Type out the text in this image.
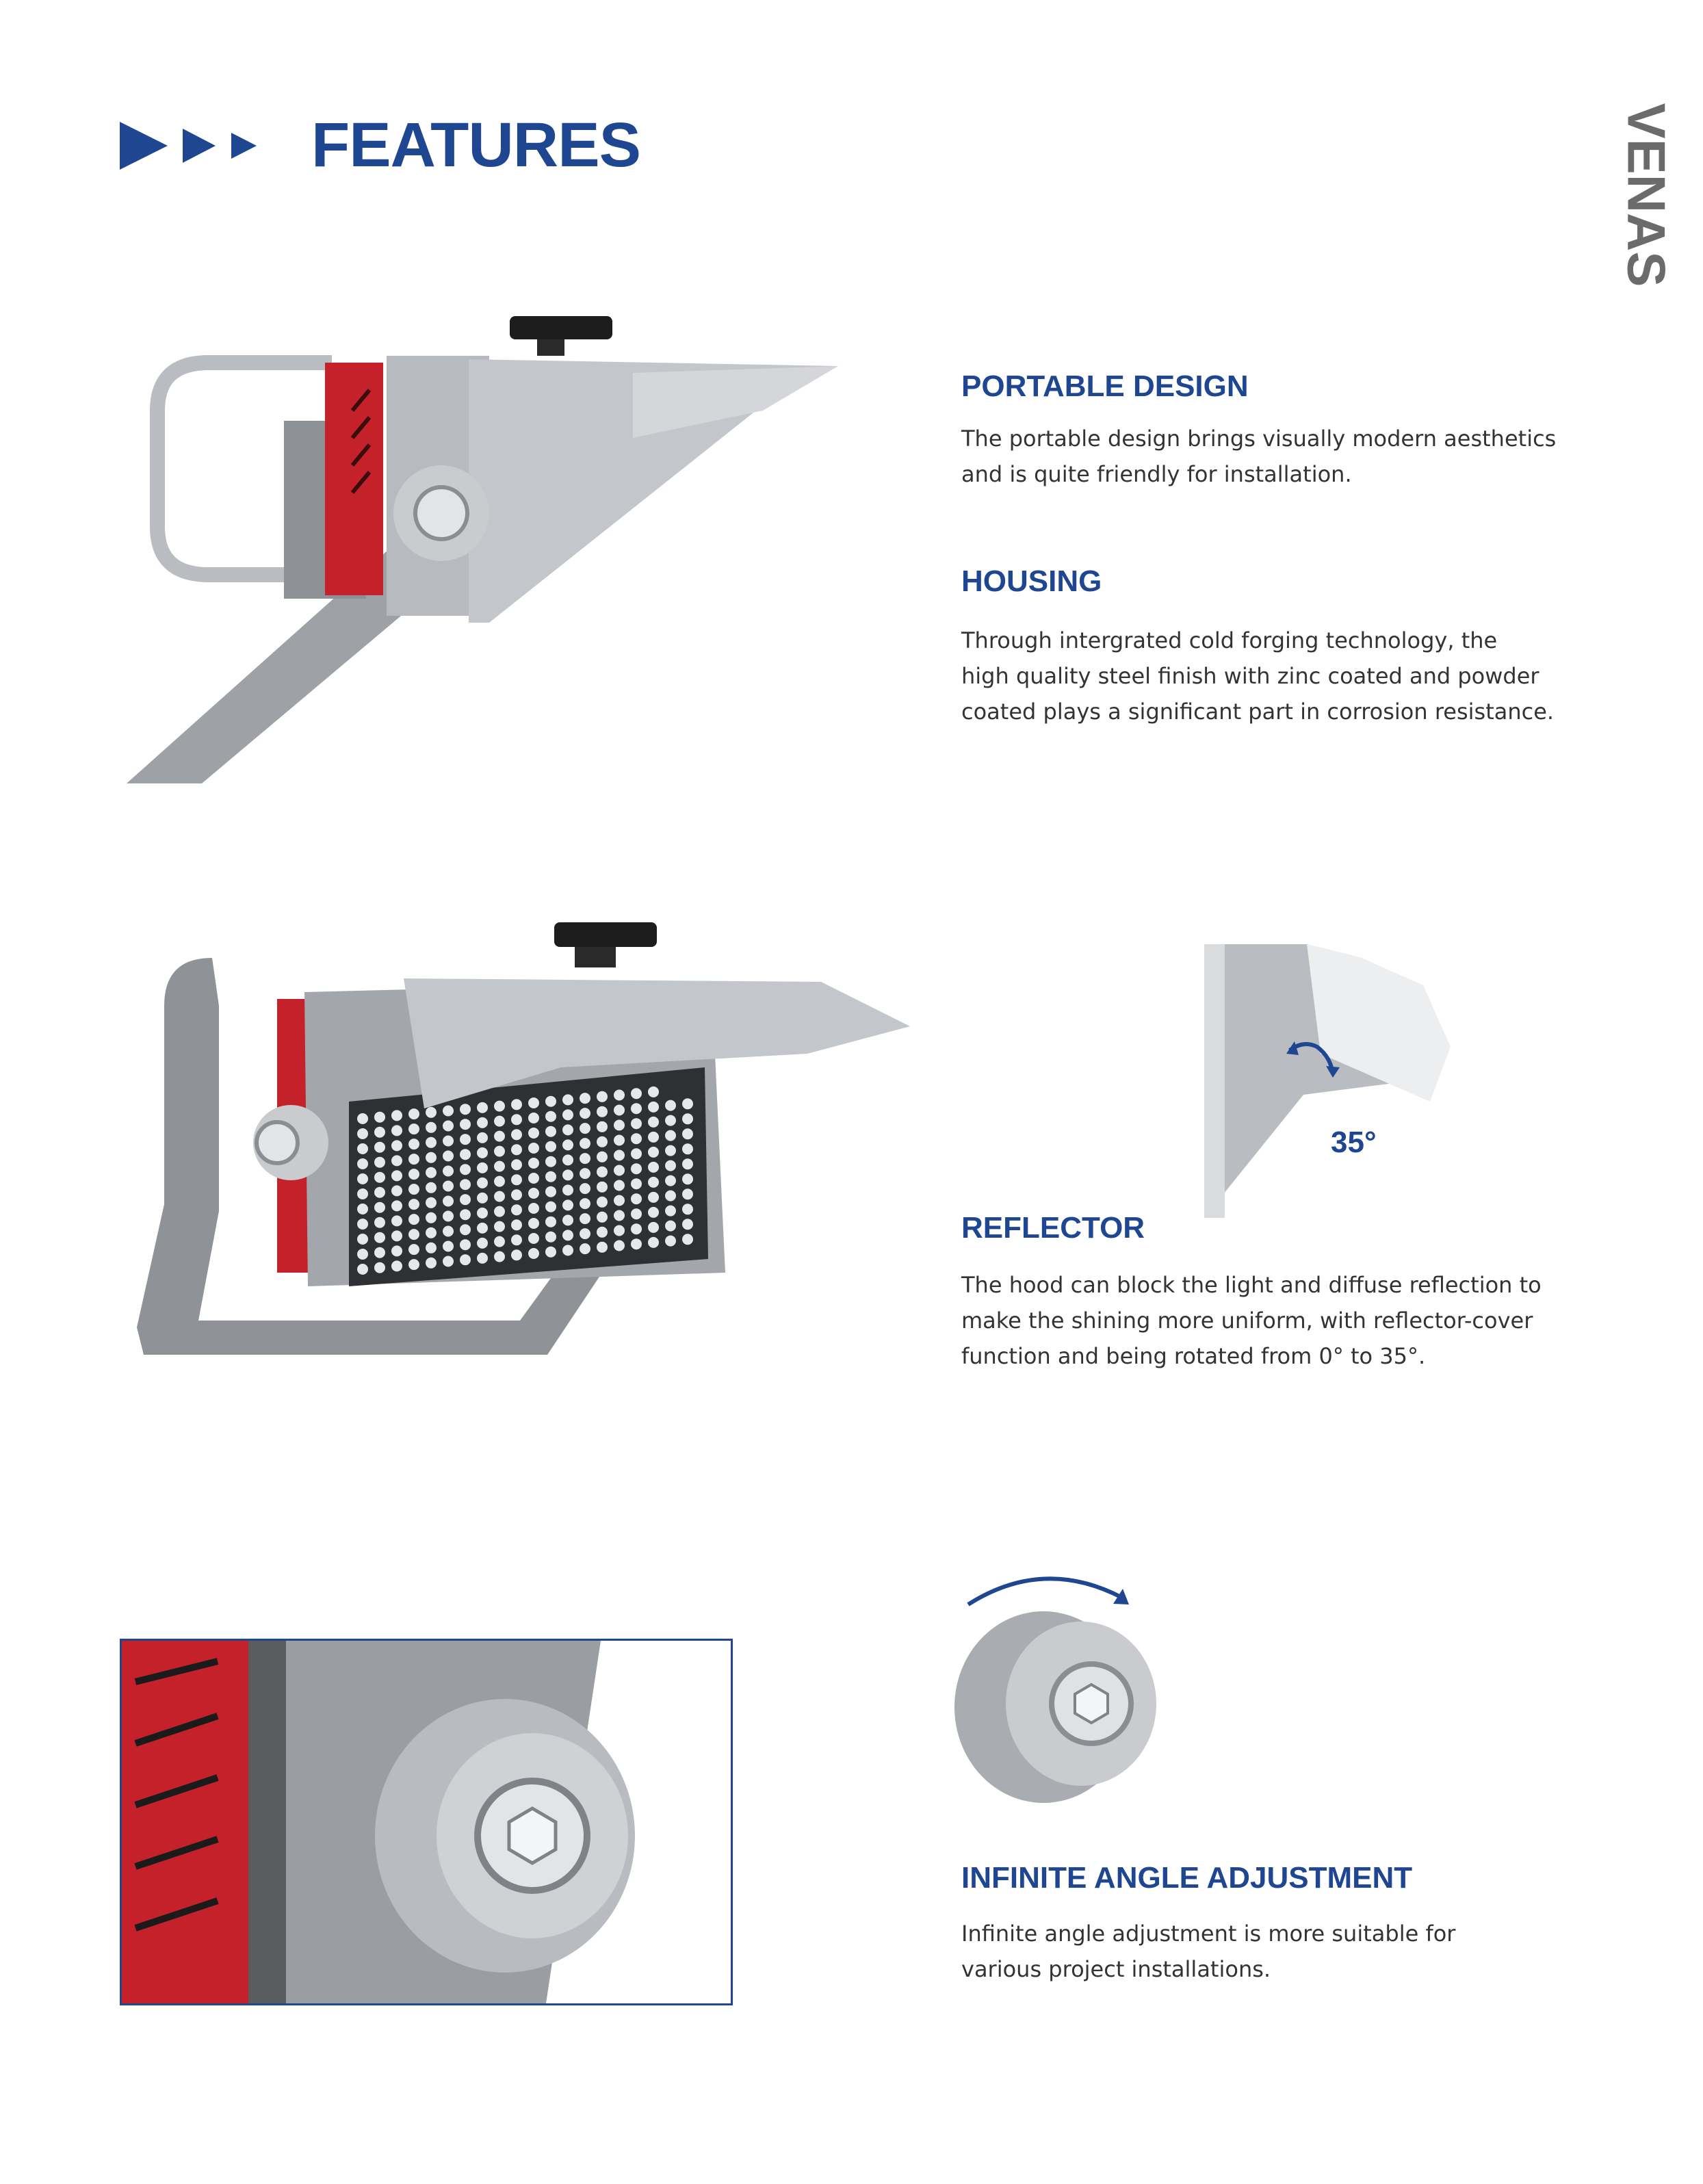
FEATURES	VENAS
35°
PORTABLE DESIGN
The portable design brings visually modern aesthetics
and is quite friendly for installation.
HOUSING
Through intergrated cold forging technology, the
high quality steel finish with zinc coated and powder
coated plays a significant part in corrosion resistance.
REFLECTOR
The hood can block the light and diffuse reflection to
make the shining more uniform, with reflector-cover
function and being rotated from 0° to 35°.
INFINITE ANGLE ADJUSTMENT
Infinite angle adjustment is more suitable for
various project installations.
